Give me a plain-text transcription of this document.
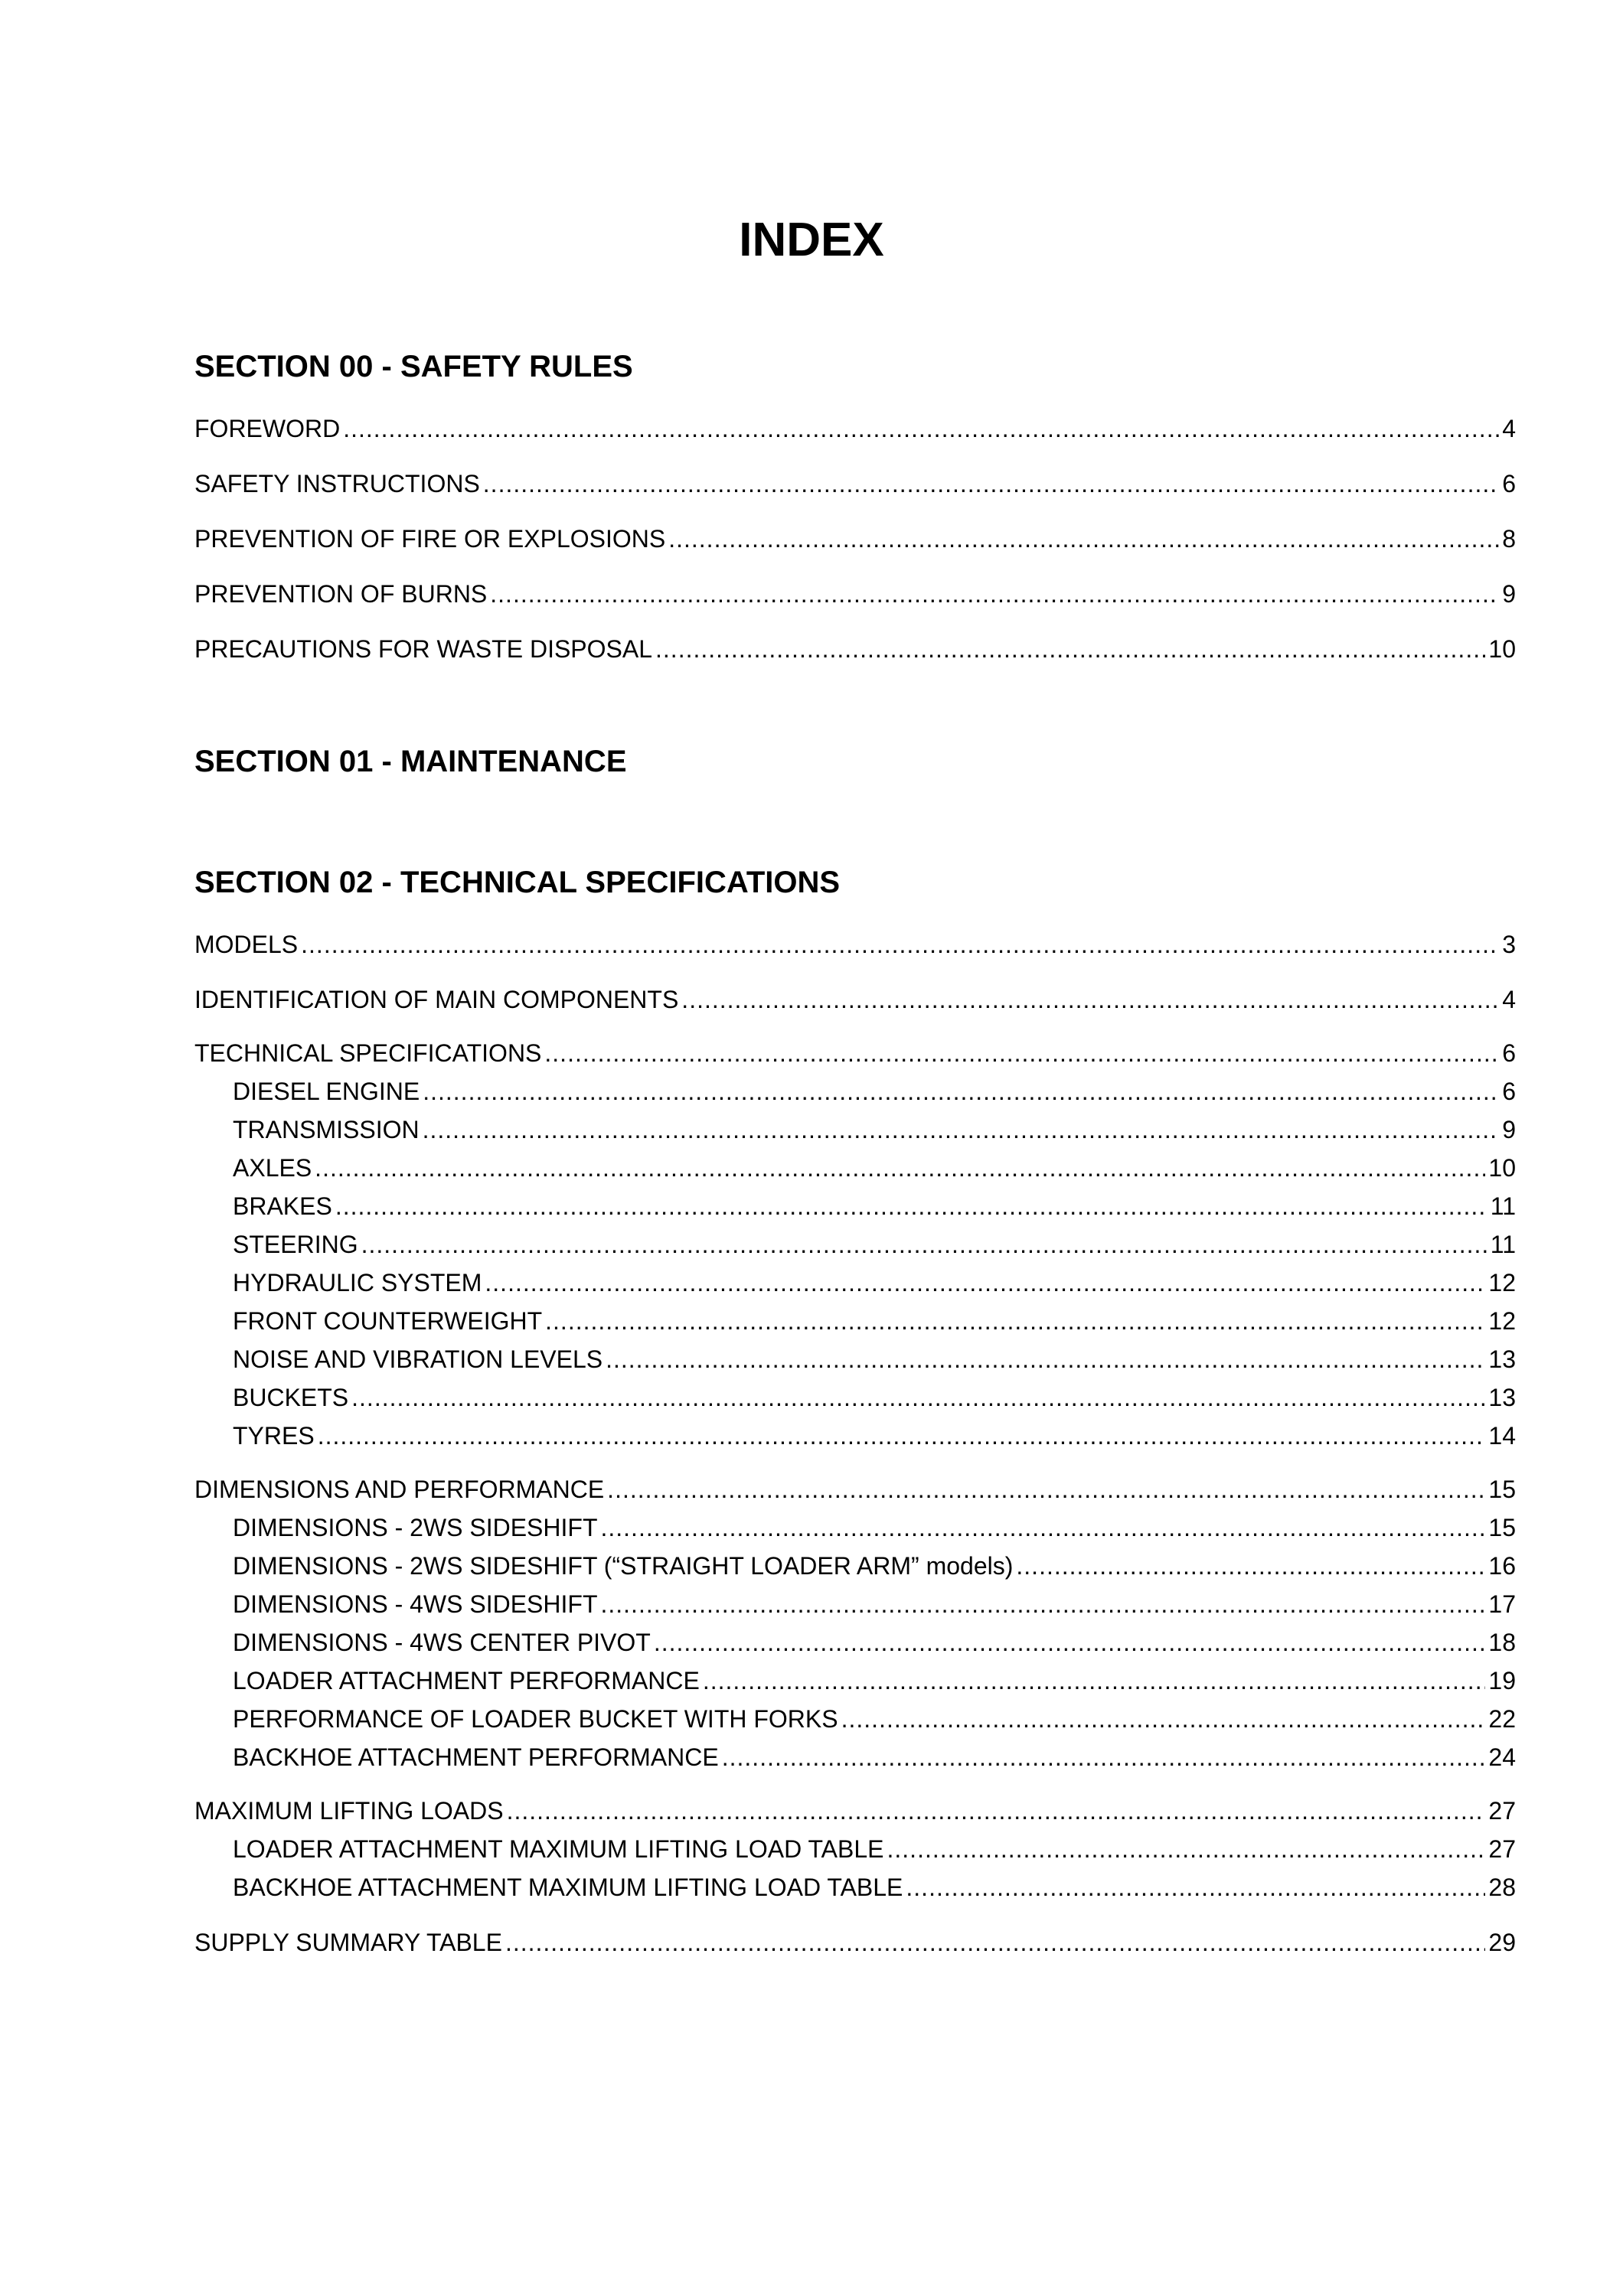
INDEX
SECTION 00 - SAFETY RULES
FOREWORD .....	4
SAFETY INSTRUCTIONS .....	6
PREVENTION OF FIRE OR EXPLOSIONS .....	8
PREVENTION OF BURNS .....	9
PRECAUTIONS FOR WASTE DISPOSAL .....	10
SECTION 01 - MAINTENANCE
SECTION 02 - TECHNICAL SPECIFICATIONS
MODELS .....	3
IDENTIFICATION OF MAIN COMPONENTS .....	4
TECHNICAL SPECIFICATIONS .....	6
DIESEL ENGINE .....	6
TRANSMISSION .....	9
AXLES .....	10
BRAKES .....	11
STEERING .....	11
HYDRAULIC SYSTEM .....	12
FRONT COUNTERWEIGHT .....	12
NOISE AND VIBRATION LEVELS .....	13
BUCKETS .....	13
TYRES .....	14
DIMENSIONS AND PERFORMANCE .....	15
DIMENSIONS - 2WS SIDESHIFT .....	15
DIMENSIONS - 2WS SIDESHIFT (“STRAIGHT LOADER ARM” models) .....	16
DIMENSIONS - 4WS SIDESHIFT .....	17
DIMENSIONS - 4WS CENTER PIVOT .....	18
LOADER ATTACHMENT PERFORMANCE .....	19
PERFORMANCE OF LOADER BUCKET WITH FORKS .....	22
BACKHOE ATTACHMENT PERFORMANCE .....	24
MAXIMUM LIFTING LOADS .....	27
LOADER ATTACHMENT MAXIMUM LIFTING LOAD TABLE .....	27
BACKHOE ATTACHMENT MAXIMUM LIFTING LOAD TABLE .....	28
SUPPLY SUMMARY TABLE .....	29
